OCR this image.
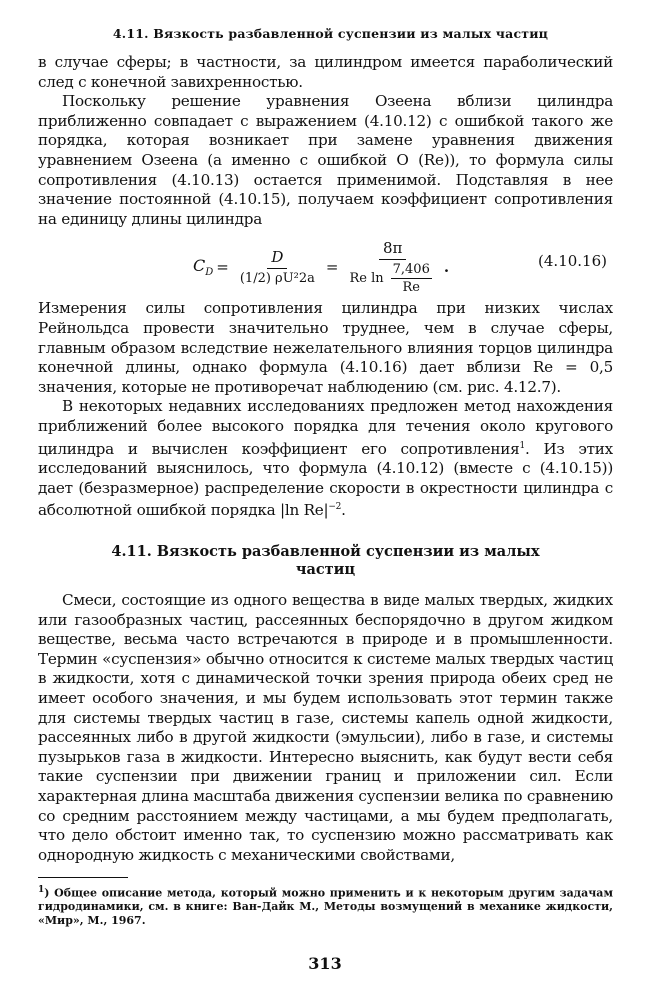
4.11. Вязкость разбавленной суспензии из малых частиц

в случае сферы; в частности, за цилиндром имеется параболический след с конечной завихренностью.

Поскольку решение уравнения Озеена вблизи цилиндра приближенно совпадает с выражением (4.10.12) с ошибкой такого же порядка, которая возникает при замене уравнения движения уравнением Озеена (а именно с ошибкой O (Re)), то формула силы сопротивления (4.10.13) остается применимой. Подставляя в нее значение постоянной (4.10.15), получаем коэффициент сопротивления на единицу длины цилиндра

$C_D = \frac{D}{\text{(1/2) ρU²2a}} = \frac{8\pi}{Re \ln \frac{7,406}{Re}}$ .	(4.10.16)

Измерения силы сопротивления цилиндра при низких числах Рейнольдса провести значительно труднее, чем в случае сферы, главным образом вследствие нежелательного влияния торцов цилиндра конечной длины, однако формула (4.10.16) дает вблизи Re = 0,5 значения, которые не противоречат наблюдению (см. рис. 4.12.7).

В некоторых недавних исследованиях предложен метод нахождения приближений более высокого порядка для течения около кругового цилиндра и вычислен коэффициент его сопротивления$^1$. Из этих исследований выяснилось, что формула (4.10.12) (вместе с (4.10.15)) дает (безразмерное) распределение скорости в окрестности цилиндра с абсолютной ошибкой порядка |ln $Re|^{-2}$.

4.11. Вязкость разбавленной суспензии из малых частиц

Смеси, состоящие из одного вещества в виде малых твердых, жидких или газообразных частиц, рассеянных беспорядочно в другом жидком веществе, весьма часто встречаются в природе и в промышленности. Термин «суспензия» обычно относится к системе малых твердых частиц в жидкости, хотя с динамической точки зрения природа обеих сред не имеет особого значения, и мы будем использовать этот термин также для системы твердых частиц в газе, системы капель одной жидкости, рассеянных либо в другой жидкости (эмульсии), либо в газе, и системы пузырьков газа в жидкости. Интересно выяснить, как будут вести себя такие суспензии при движении границ и приложении сил. Если характерная длина масштаба движения суспензии велика по сравнению со средним расстоянием между частицами, а мы будем предполагать, что дело обстоит именно так, то суспензию можно рассматривать как однородную жидкость с механическими свойствами,

$^1$) Общее описание метода, который можно применить и к некоторым другим задачам гидродинамики, см. в книге: Ван-Дайк М., Методы возмущений в механике жидкости, «Мир», М., 1967.
313
